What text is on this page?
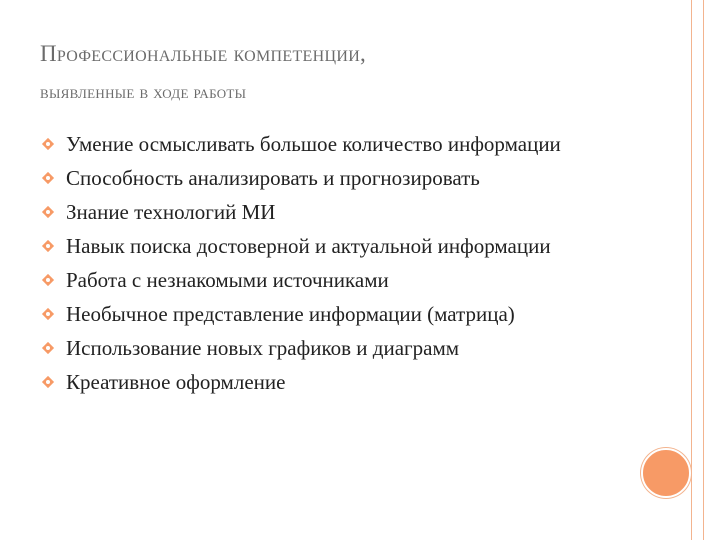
Профессиональные компетенции,
выявленные в ходе работы
Умение осмысливать большое количество информации
Способность анализировать и прогнозировать
Знание технологий МИ
Навык поиска достоверной и актуальной информации
Работа с незнакомыми источниками
Необычное представление информации (матрица)
Использование новых графиков и диаграмм
Креативное оформление
